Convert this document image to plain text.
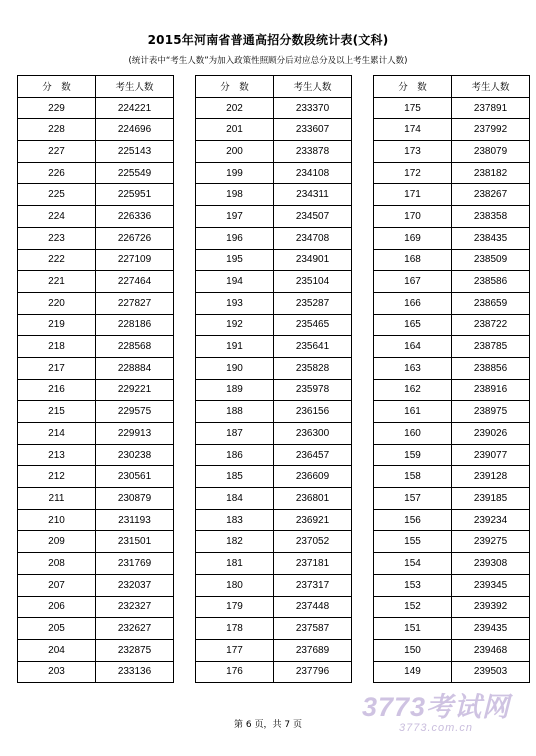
2015年河南省普通高招分数段统计表(文科)
(统计表中“考生人数”为加入政策性照顾分后对应总分及以上考生累计人数)
分　数	考生人数
229	224221
228	224696
227	225143
226	225549
225	225951
224	226336
223	226726
222	227109
221	227464
220	227827
219	228186
218	228568
217	228884
216	229221
215	229575
214	229913
213	230238
212	230561
211	230879
210	231193
209	231501
208	231769
207	232037
206	232327
205	232627
204	232875
203	233136
分　数	考生人数
202	233370
201	233607
200	233878
199	234108
198	234311
197	234507
196	234708
195	234901
194	235104
193	235287
192	235465
191	235641
190	235828
189	235978
188	236156
187	236300
186	236457
185	236609
184	236801
183	236921
182	237052
181	237181
180	237317
179	237448
178	237587
177	237689
176	237796
分　数	考生人数
175	237891
174	237992
173	238079
172	238182
171	238267
170	238358
169	238435
168	238509
167	238586
166	238659
165	238722
164	238785
163	238856
162	238916
161	238975
160	239026
159	239077
158	239128
157	239185
156	239234
155	239275
154	239308
153	239345
152	239392
151	239435
150	239468
149	239503
第 6 页，共 7 页
3773考试网
3773.com.cn
